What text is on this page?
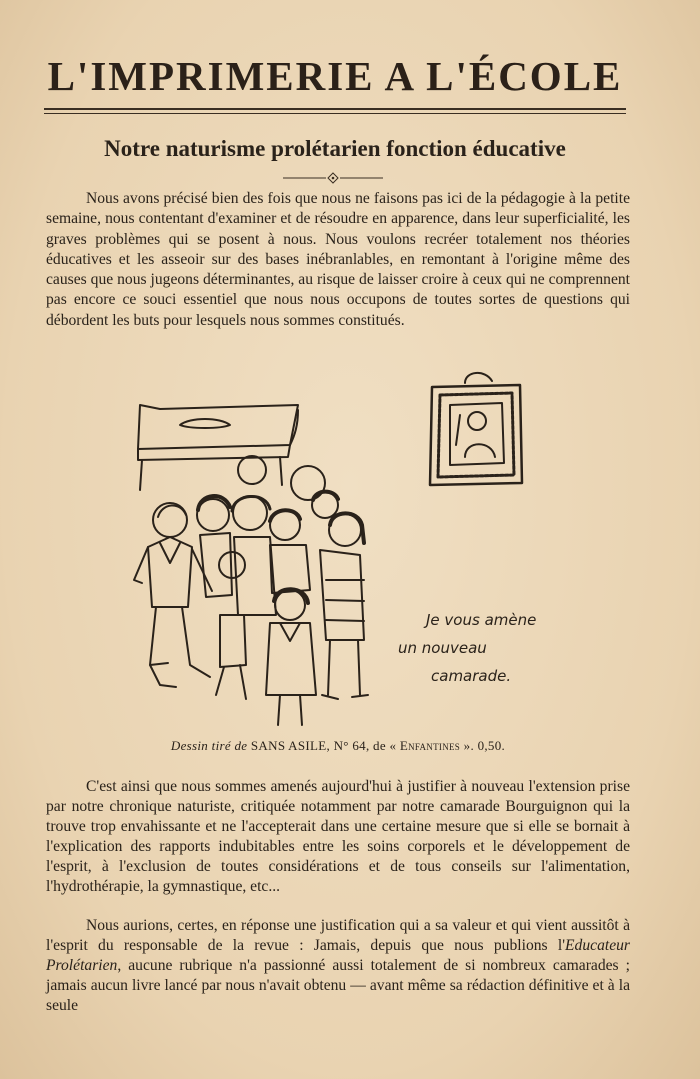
L'IMPRIMERIE A L'ÉCOLE
Notre naturisme prolétarien fonction éducative

Nous avons précisé bien des fois que nous ne faisons pas ici de la pédagogie à la petite semaine, nous contentant d'examiner et de résoudre en apparence, dans leur superficialité, les graves problèmes qui se posent à nous. Nous voulons recréer totalement nos théories éducatives et les asseoir sur des bases inébranlables, en remontant à l'origine même des causes que nous jugeons déterminantes, au risque de laisser croire à ceux qui ne comprennent pas encore ce souci essentiel que nous nous occupons de toutes sortes de questions qui débordent les buts pour lesquels nous sommes constitués.

Je vous amène
un nouveau
camarade.
Dessin tiré de SANS ASILE, N° 64, de « Enfantines ». 0,50.

C'est ainsi que nous sommes amenés aujourd'hui à justifier à nouveau l'extension prise par notre chronique naturiste, critiquée notamment par notre camarade Bourguignon qui la trouve trop envahissante et ne l'accepterait dans une certaine mesure que si elle se bornait à l'explication des rapports indubitables entre les soins corporels et le développement de l'esprit, à l'exclusion de toutes considérations et de tous conseils sur l'alimentation, l'hydrothérapie, la gymnastique, etc...

Nous aurions, certes, en réponse une justification qui a sa valeur et qui vient aussitôt à l'esprit du responsable de la revue : Jamais, depuis que nous publions l'Educateur Prolétarien, aucune rubrique n'a passionné aussi totalement de si nombreux camarades ; jamais aucun livre lancé par nous n'avait obtenu — avant même sa rédaction définitive et à la seule
